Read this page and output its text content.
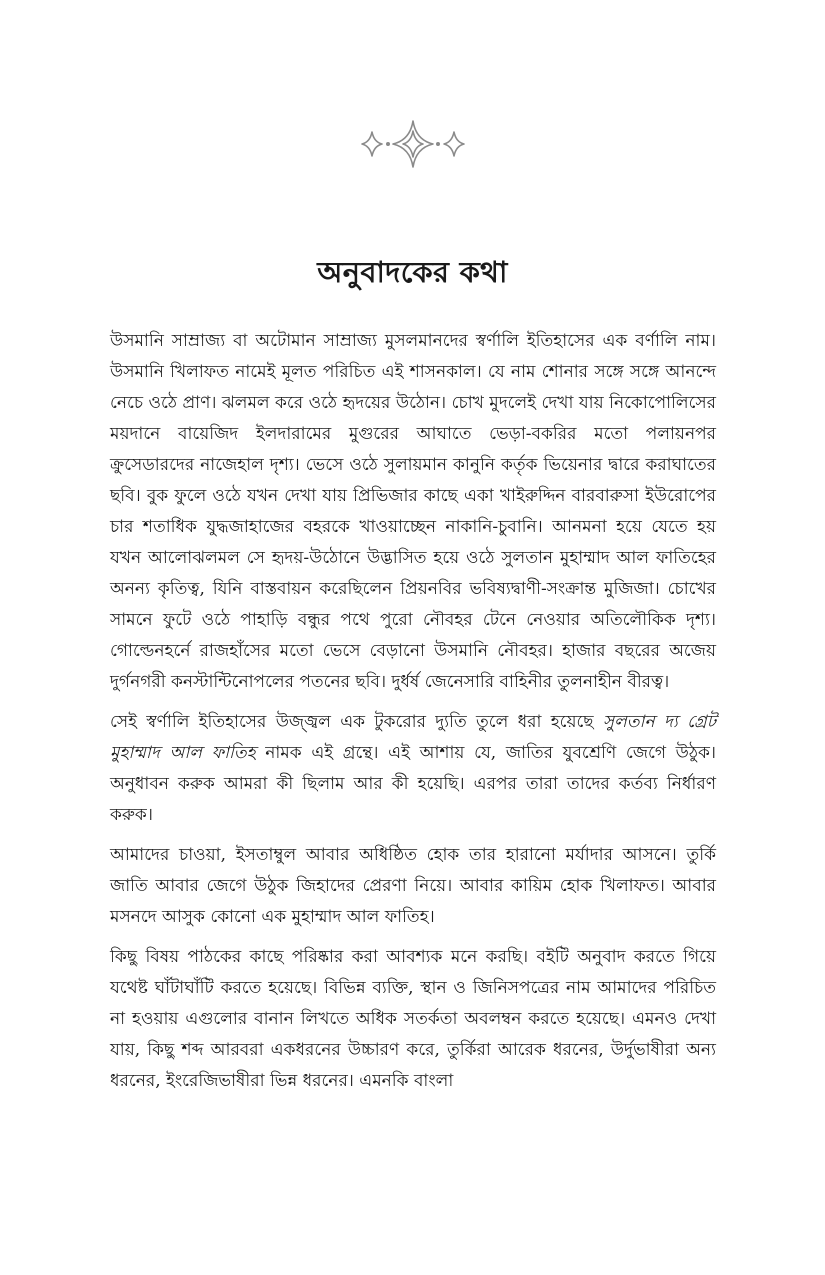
অনুবাদকের কথা

উসমানি সাম্রাজ্য বা অটোমান সাম্রাজ্য মুসলমানদের স্বর্ণালি ইতিহাসের এক বর্ণালি নাম। উসমানি খিলাফত নামেই মূলত পরিচিত এই শাসনকাল। যে নাম শোনার সঙ্গে সঙ্গে আনন্দে নেচে ওঠে প্রাণ। ঝলমল করে ওঠে হৃদয়ের উঠোন। চোখ মুদলেই দেখা যায় নিকোপোলিসের ময়দানে বায়েজিদ ইলদারামের মুগুরের আঘাতে ভেড়া-বকরির মতো পলায়নপর ক্রুসেডারদের নাজেহাল দৃশ্য। ভেসে ওঠে সুলায়মান কানুনি কর্তৃক ভিয়েনার দ্বারে করাঘাতের ছবি। বুক ফুলে ওঠে যখন দেখা যায় প্রিভিজার কাছে একা খাইরুদ্দিন বারবারুসা ইউরোপের চার শতাধিক যুদ্ধজাহাজের বহরকে খাওয়াচ্ছেন নাকানি-চুবানি। আনমনা হয়ে যেতে হয় যখন আলোঝলমল সে হৃদয়-উঠোনে উদ্ভাসিত হয়ে ওঠে সুলতান মুহাম্মাদ আল ফাতিহের অনন্য কৃতিত্ব, যিনি বাস্তবায়ন করেছিলেন প্রিয়নবির ভবিষ্যদ্বাণী-সংক্রান্ত মুজিজা। চোখের সামনে ফুটে ওঠে পাহাড়ি বন্ধুর পথে পুরো নৌবহর টেনে নেওয়ার অতিলৌকিক দৃশ্য। গোল্ডেনহর্নে রাজহাঁসের মতো ভেসে বেড়ানো উসমানি নৌবহর। হাজার বছরের অজেয় দুর্গনগরী কনস্টান্টিনোপলের পতনের ছবি। দুর্ধর্ষ জেনেসারি বাহিনীর তুলনাহীন বীরত্ব।

সেই স্বর্ণালি ইতিহাসের উজ্জ্বল এক টুকরোর দ্যুতি তুলে ধরা হয়েছে সুলতান দ্য গ্রেট মুহাম্মাদ আল ফাতিহ নামক এই গ্রন্থে। এই আশায় যে, জাতির যুবশ্রেণি জেগে উঠুক। অনুধাবন করুক আমরা কী ছিলাম আর কী হয়েছি। এরপর তারা তাদের কর্তব্য নির্ধারণ করুক।

আমাদের চাওয়া, ইসতাম্বুল আবার অধিষ্ঠিত হোক তার হারানো মর্যাদার আসনে। তুর্কি জাতি আবার জেগে উঠুক জিহাদের প্রেরণা নিয়ে। আবার কায়িম হোক খিলাফত। আবার মসনদে আসুক কোনো এক মুহাম্মাদ আল ফাতিহ।

কিছু বিষয় পাঠকের কাছে পরিষ্কার করা আবশ্যক মনে করছি। বইটি অনুবাদ করতে গিয়ে যথেষ্ট ঘাঁটাঘাঁটি করতে হয়েছে। বিভিন্ন ব্যক্তি, স্থান ও জিনিসপত্রের নাম আমাদের পরিচিত না হওয়ায় এগুলোর বানান লিখতে অধিক সতর্কতা অবলম্বন করতে হয়েছে। এমনও দেখা যায়, কিছু শব্দ আরবরা একধরনের উচ্চারণ করে, তুর্কিরা আরেক ধরনের, উর্দুভাষীরা অন্য ধরনের, ইংরেজিভাষীরা ভিন্ন ধরনের। এমনকি বাংলা
